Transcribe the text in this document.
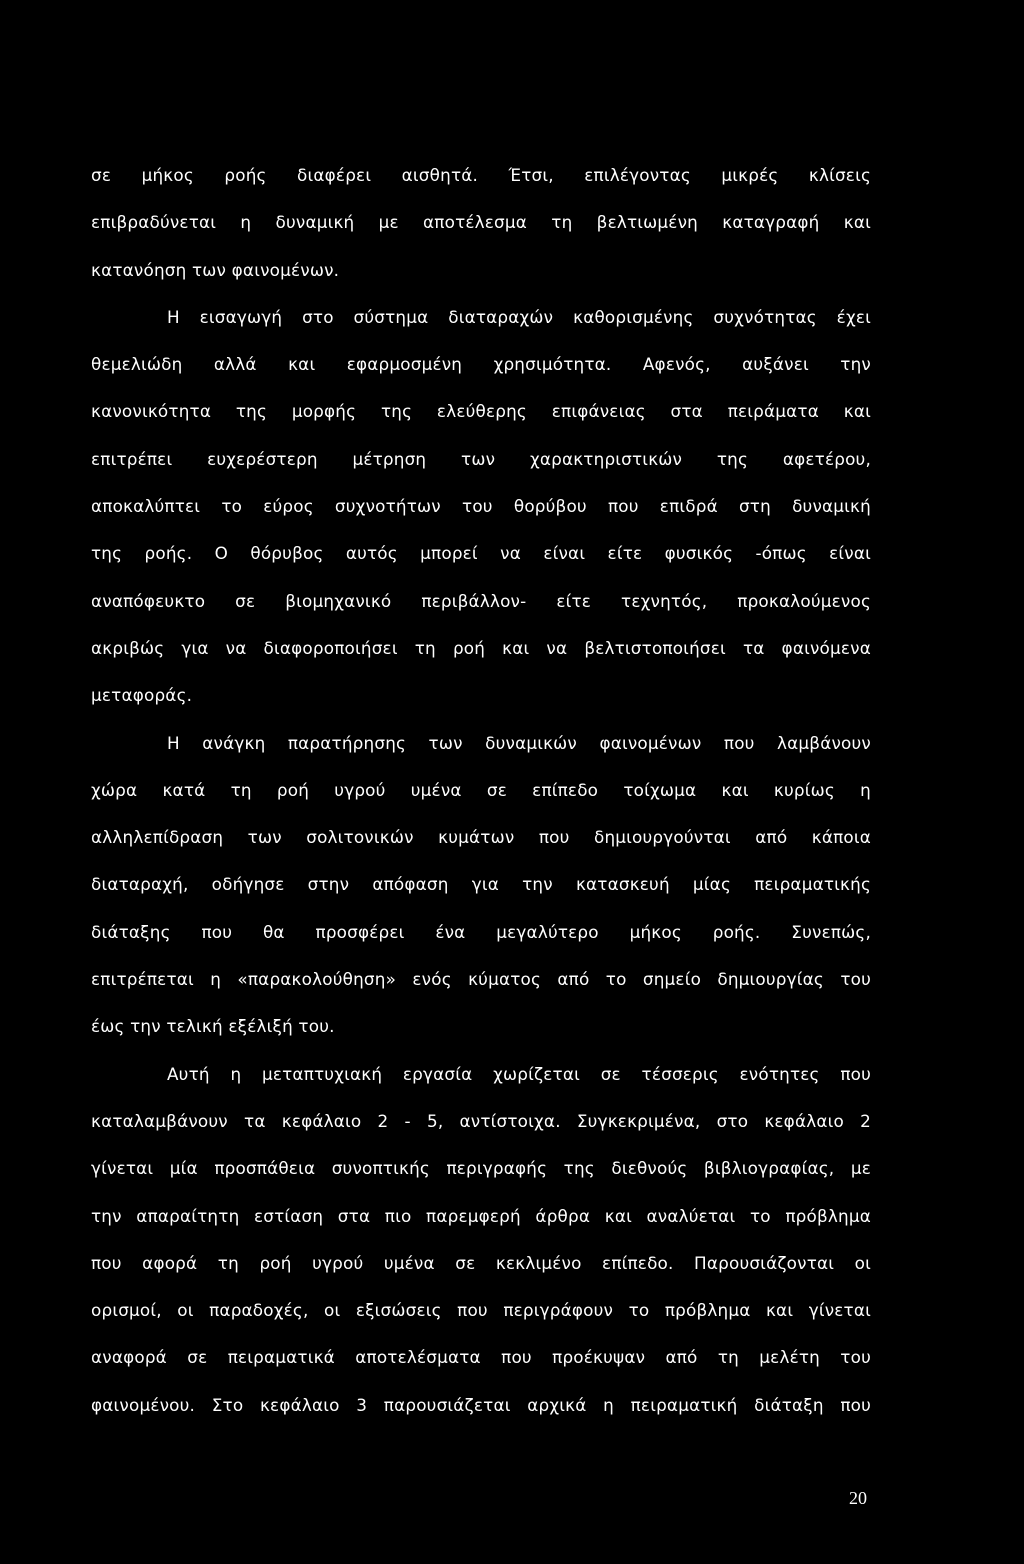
σε μήκος ροής διαφέρει αισθητά. Έτσι, επιλέγοντας μικρές κλίσεις
επιβραδύνεται η δυναμική με αποτέλεσμα τη βελτιωμένη καταγραφή και
κατανόηση των φαινομένων.
Η εισαγωγή στο σύστημα διαταραχών καθορισμένης συχνότητας έχει
θεμελιώδη αλλά και εφαρμοσμένη χρησιμότητα. Αφενός, αυξάνει την
κανονικότητα της μορφής της ελεύθερης επιφάνειας στα πειράματα και
επιτρέπει ευχερέστερη μέτρηση των χαρακτηριστικών της αφετέρου,
αποκαλύπτει το εύρος συχνοτήτων του θορύβου που επιδρά στη δυναμική
της ροής. Ο θόρυβος αυτός μπορεί να είναι είτε φυσικός -όπως είναι
αναπόφευκτο σε βιομηχανικό περιβάλλον- είτε τεχνητός, προκαλούμενος
ακριβώς για να διαφοροποιήσει τη ροή και να βελτιστοποιήσει τα φαινόμενα
μεταφοράς.
Η ανάγκη παρατήρησης των δυναμικών φαινομένων που λαμβάνουν
χώρα κατά τη ροή υγρού υμένα σε επίπεδο τοίχωμα και κυρίως η
αλληλεπίδραση των σολιτονικών κυμάτων που δημιουργούνται από κάποια
διαταραχή, οδήγησε στην απόφαση για την κατασκευή μίας πειραματικής
διάταξης που θα προσφέρει ένα μεγαλύτερο μήκος ροής. Συνεπώς,
επιτρέπεται η «παρακολούθηση» ενός κύματος από το σημείο δημιουργίας του
έως την τελική εξέλιξή του.
Αυτή η μεταπτυχιακή εργασία χωρίζεται σε τέσσερις ενότητες που
καταλαμβάνουν τα κεφάλαιο 2 - 5, αντίστοιχα. Συγκεκριμένα, στο κεφάλαιο 2
γίνεται μία προσπάθεια συνοπτικής περιγραφής της διεθνούς βιβλιογραφίας, με
την απαραίτητη εστίαση στα πιο παρεμφερή άρθρα και αναλύεται το πρόβλημα
που αφορά τη ροή υγρού υμένα σε κεκλιμένο επίπεδο. Παρουσιάζονται οι
ορισμοί, οι παραδοχές, οι εξισώσεις που περιγράφουν το πρόβλημα και γίνεται
αναφορά σε πειραματικά αποτελέσματα που προέκυψαν από τη μελέτη του
φαινομένου. Στο κεφάλαιο 3 παρουσιάζεται αρχικά η πειραματική διάταξη που
20
